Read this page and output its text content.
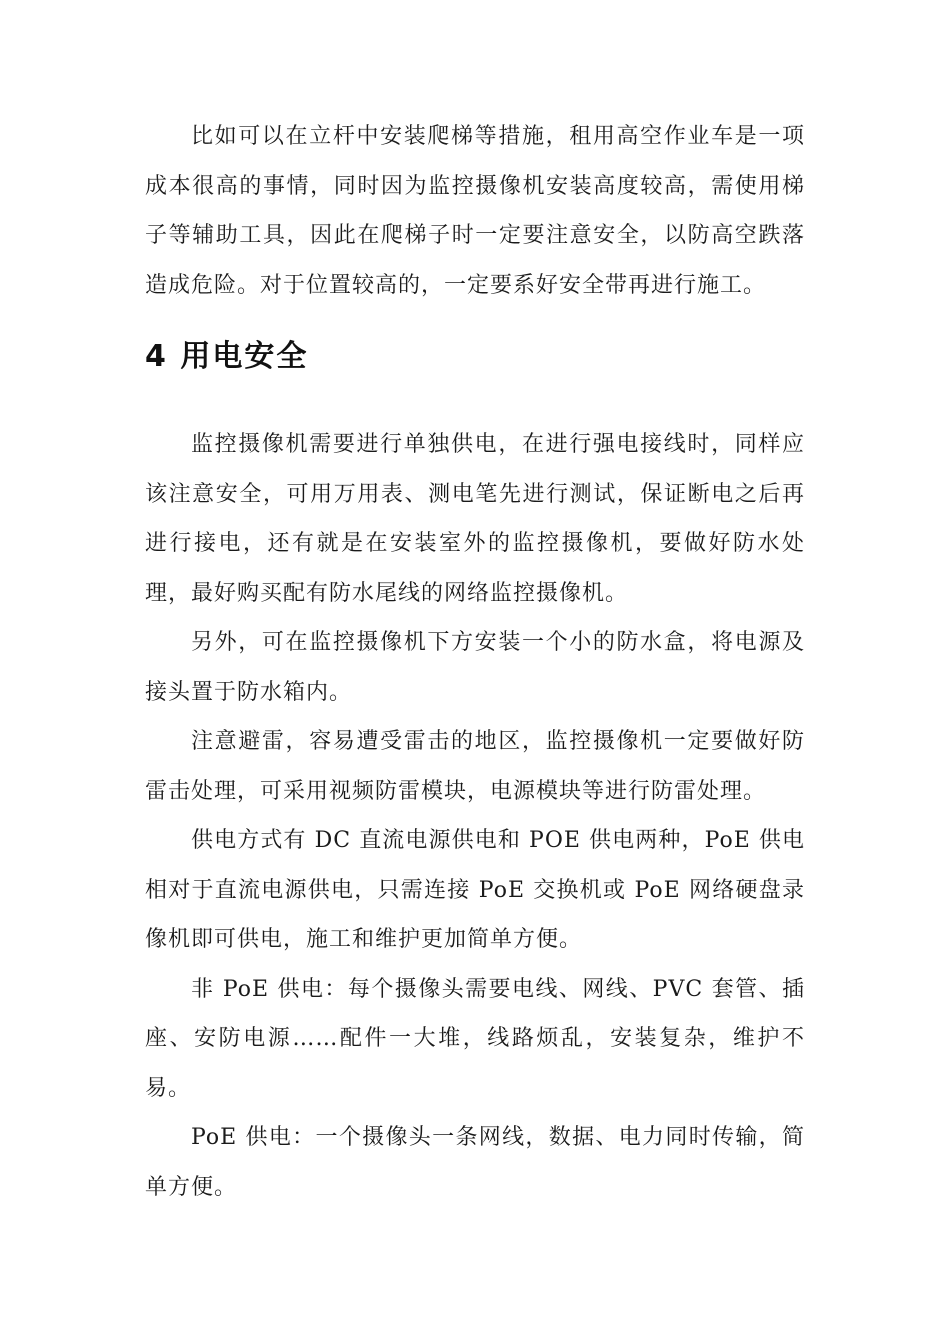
比如可以在立杆中安装爬梯等措施，租用高空作业车是一项成本很高的事情，同时因为监控摄像机安装高度较高，需使用梯子等辅助工具，因此在爬梯子时一定要注意安全，以防高空跌落造成危险。对于位置较高的，一定要系好安全带再进行施工。

4 用电安全

监控摄像机需要进行单独供电，在进行强电接线时，同样应该注意安全，可用万用表、测电笔先进行测试，保证断电之后再进行接电，还有就是在安装室外的监控摄像机，要做好防水处理，最好购买配有防水尾线的网络监控摄像机。

另外，可在监控摄像机下方安装一个小的防水盒，将电源及接头置于防水箱内。

注意避雷，容易遭受雷击的地区，监控摄像机一定要做好防雷击处理，可采用视频防雷模块，电源模块等进行防雷处理。

供电方式有 DC 直流电源供电和 POE 供电两种，PoE 供电相对于直流电源供电，只需连接 PoE 交换机或 PoE 网络硬盘录像机即可供电，施工和维护更加简单方便。

非 PoE 供电：每个摄像头需要电线、网线、PVC 套管、插座、安防电源……配件一大堆，线路烦乱，安装复杂，维护不易。

PoE 供电：一个摄像头一条网线，数据、电力同时传输，简单方便。
